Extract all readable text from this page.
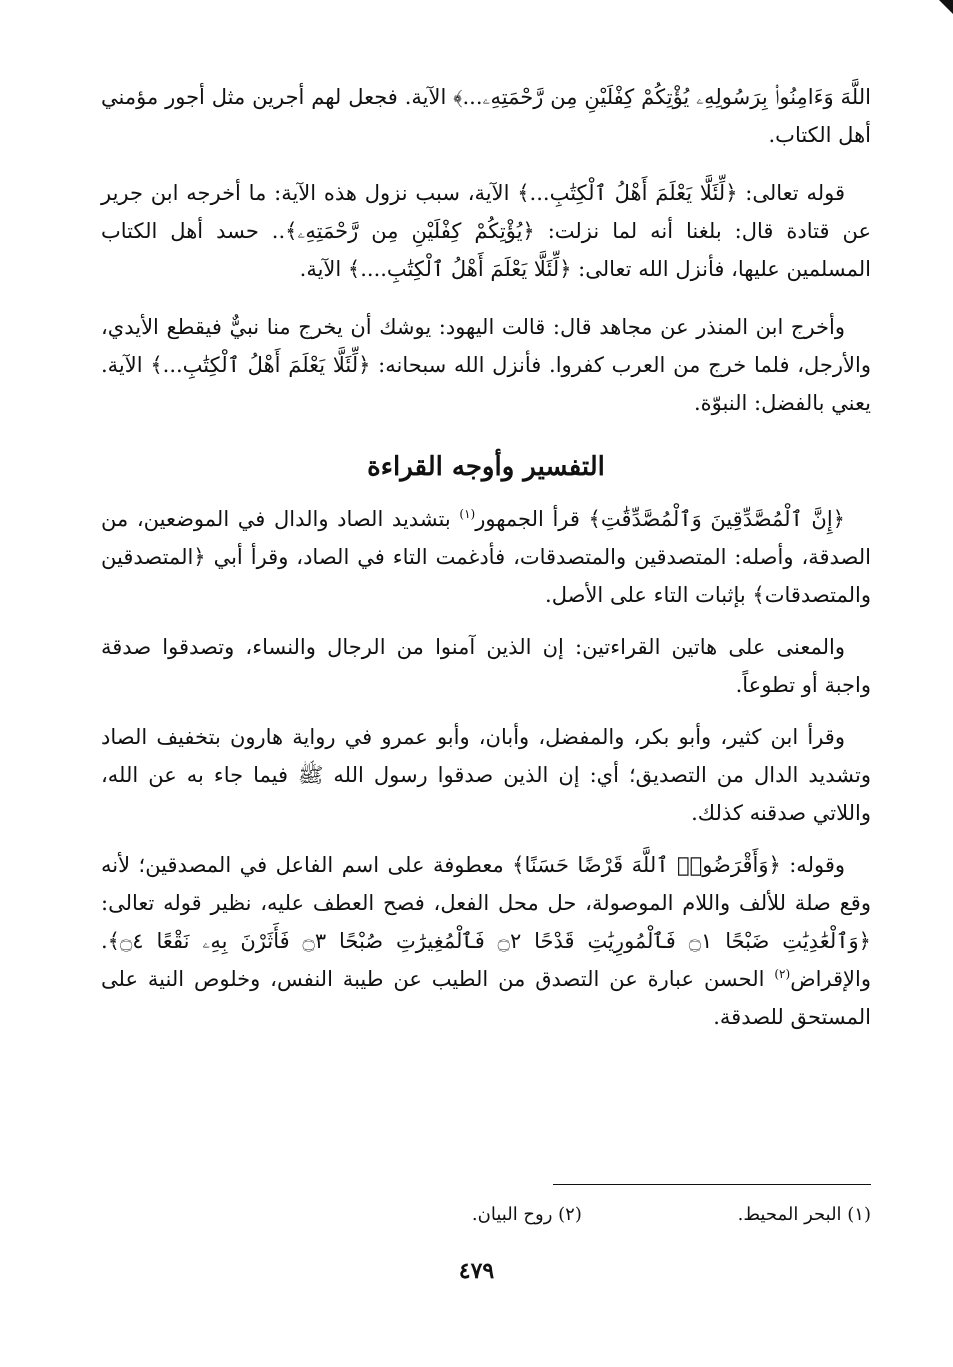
اللَّهَ وَءَامِنُوا۟ بِرَسُولِهِۦ يُؤْتِكُمْ كِفْلَيْنِ مِن رَّحْمَتِهِۦ...﴾ الآية. فجعل لهم أجرين مثل أجور مؤمني أهل الكتاب.

قوله تعالى: ﴿لِّئَلَّا يَعْلَمَ أَهْلُ ٱلْكِتَٰبِ...﴾ الآية، سبب نزول هذه الآية: ما أخرجه ابن جرير عن قتادة قال: بلغنا أنه لما نزلت: ﴿يُؤْتِكُمْ كِفْلَيْنِ مِن رَّحْمَتِهِۦ﴾.. حسد أهل الكتاب المسلمين عليها، فأنزل الله تعالى: ﴿لِّئَلَّا يَعْلَمَ أَهْلُ ٱلْكِتَٰبِ....﴾ الآية.

وأخرج ابن المنذر عن مجاهد قال: قالت اليهود: يوشك أن يخرج منا نبيٌّ فيقطع الأيدي، والأرجل، فلما خرج من العرب كفروا. فأنزل الله سبحانه: ﴿لِّئَلَّا يَعْلَمَ أَهْلُ ٱلْكِتَٰبِ...﴾ الآية. يعني بالفضل: النبوّة.

التفسير وأوجه القراءة

﴿إِنَّ ٱلْمُصَّدِّقِينَ وَٱلْمُصَّدِّقَٰتِ﴾ قرأ الجمهور$^{(١)}$ بتشديد الصاد والدال في الموضعين، من الصدقة، وأصله: المتصدقين والمتصدقات، فأدغمت التاء في الصاد، وقرأ أبي ﴿المتصدقين والمتصدقات﴾ بإثبات التاء على الأصل.

والمعنى على هاتين القراءتين: إن الذين آمنوا من الرجال والنساء، وتصدقوا صدقة واجبة أو تطوعاً.

وقرأ ابن كثير، وأبو بكر، والمفضل، وأبان، وأبو عمرو في رواية هارون بتخفيف الصاد وتشديد الدال من التصديق؛ أي: إن الذين صدقوا رسول الله ﷺ فيما جاء به عن الله، واللاتي صدقنه كذلك.

وقوله: ﴿وَأَقْرَضُوا۟ ٱللَّهَ قَرْضًا حَسَنًا﴾ معطوفة على اسم الفاعل في المصدقين؛ لأنه وقع صلة للألف واللام الموصولة، حل محل الفعل، فصح العطف عليه، نظير قوله تعالى: ﴿وَٱلْعَٰدِيَٰتِ ضَبْحًا ۝١ فَٱلْمُورِيَٰتِ قَدْحًا ۝٢ فَٱلْمُغِيرَٰتِ صُبْحًا ۝٣ فَأَثَرْنَ بِهِۦ نَقْعًا ۝٤﴾. والإقراض$^{(٢)}$ الحسن عبارة عن التصدق من الطيب عن طيبة النفس، وخلوص النية على المستحق للصدقة.

(١) البحر المحيط. (٢) روح البيان.
٤٧٩
